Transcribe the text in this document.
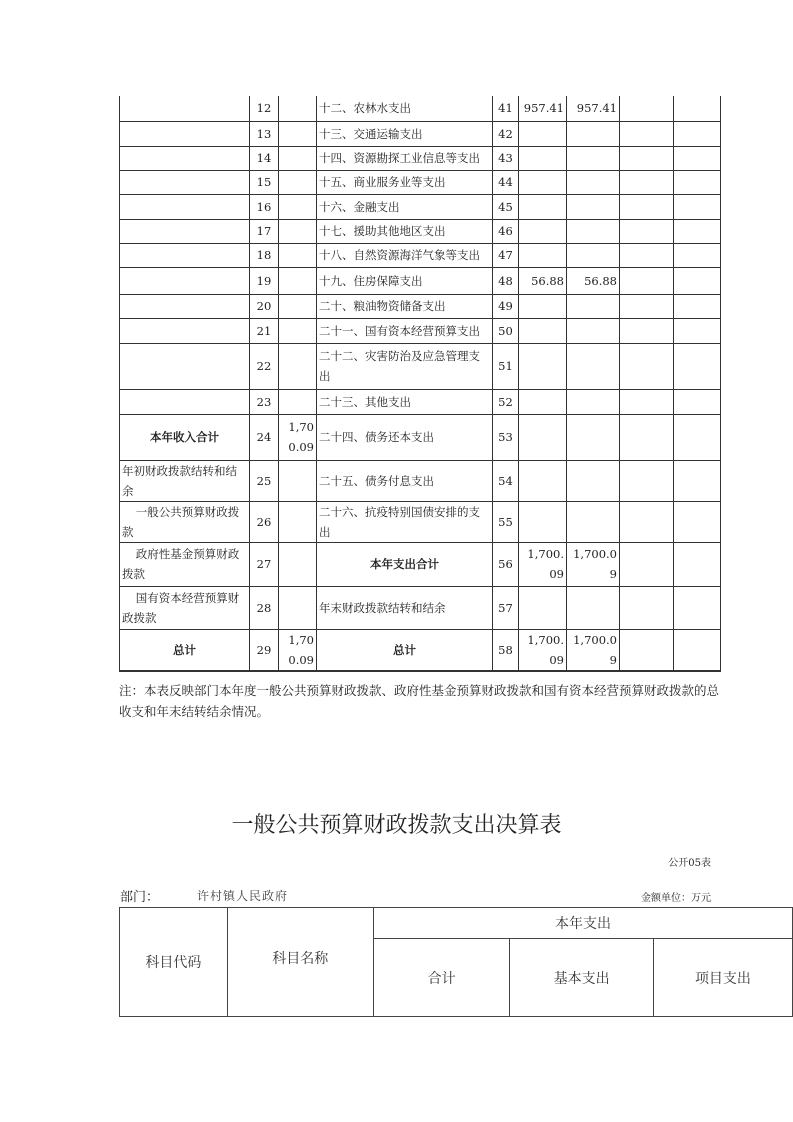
	12		十二、农林水支出	41	957.41	957.41		
	13		十三、交通运输支出	42				
	14		十四、资源勘探工业信息等支出	43				
	15		十五、商业服务业等支出	44				
	16		十六、金融支出	45				
	17		十七、援助其他地区支出	46				
	18		十八、自然资源海洋气象等支出	47				
	19		十九、住房保障支出	48	56.88	56.88		
	20		二十、粮油物资储备支出	49				
	21		二十一、国有资本经营预算支出	50				
	22		二十二、灾害防治及应急管理支出	51				
	23		二十三、其他支出	52				
本年收入合计	24	1,700.09	二十四、债务还本支出	53				
年初财政拨款结转和结余	25		二十五、债务付息支出	54				
一般公共预算财政拨款	26		二十六、抗疫特别国债安排的支出	55				
政府性基金预算财政拨款	27		本年支出合计	56	1,700.09	1,700.09		
国有资本经营预算财政拨款	28		年末财政拨款结转和结余	57				
总计	29	1,700.09	总计	58	1,700.09	1,700.09		
注：本表反映部门本年度一般公共预算财政拨款、政府性基金预算财政拨款和国有资本经营预算财政拨款的总收支和年末结转结余情况。
一般公共预算财政拨款支出决算表
公开05表
部门：	许村镇人民政府	金额单位：万元
科目代码	科目名称	本年支出		
		合计	基本支出	项目支出
